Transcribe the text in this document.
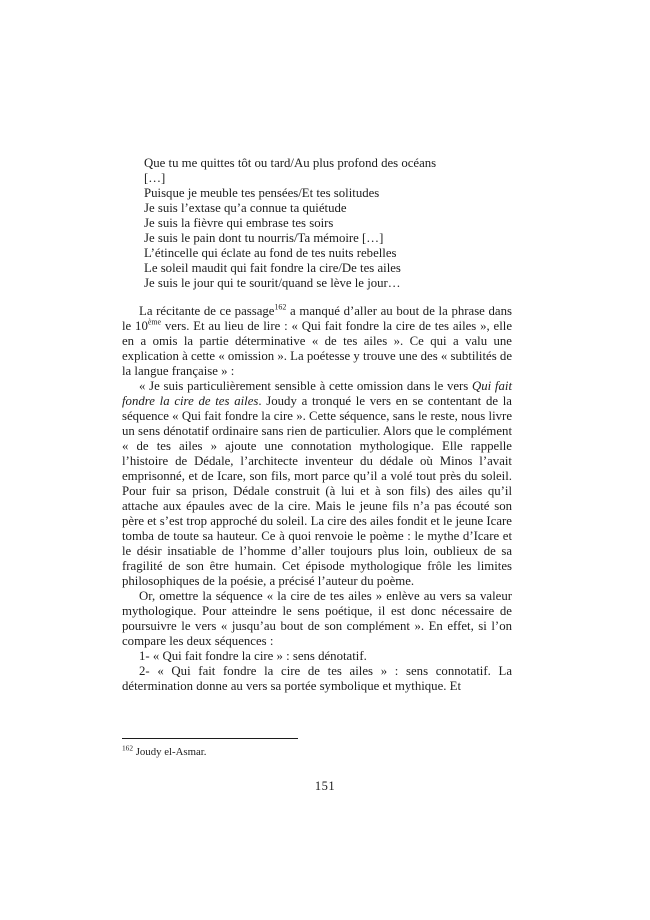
Que tu me quittes tôt ou tard/Au plus profond des océans
[…]
Puisque je meuble tes pensées/Et tes solitudes
Je suis l’extase qu’a connue ta quiétude
Je suis la fièvre qui embrase tes soirs
Je suis le pain dont tu nourris/Ta mémoire […]
L’étincelle qui éclate au fond de tes nuits rebelles
Le soleil maudit qui fait fondre la cire/De tes ailes
Je suis le jour qui te sourit/quand se lève le jour…

La récitante de ce passage$^{162}$ a manqué d’aller au bout de la phrase dans le 10ème vers. Et au lieu de lire : « Qui fait fondre la cire de tes ailes », elle en a omis la partie déterminative « de tes ailes ». Ce qui a valu une explication à cette « omission ». La poétesse y trouve une des « subtilités de la langue française » :

« Je suis particulièrement sensible à cette omission dans le vers Qui fait fondre la cire de tes ailes. Joudy a tronqué le vers en se contentant de la séquence « Qui fait fondre la cire ». Cette séquence, sans le reste, nous livre un sens dénotatif ordinaire sans rien de particulier. Alors que le complément « de tes ailes » ajoute une connotation mythologique. Elle rappelle l’histoire de Dédale, l’architecte inventeur du dédale où Minos l’avait emprisonné, et de Icare, son fils, mort parce qu’il a volé tout près du soleil. Pour fuir sa prison, Dédale construit (à lui et à son fils) des ailes qu’il attache aux épaules avec de la cire. Mais le jeune fils n’a pas écouté son père et s’est trop approché du soleil. La cire des ailes fondit et le jeune Icare tomba de toute sa hauteur. Ce à quoi renvoie le poème : le mythe d’Icare et le désir insatiable de l’homme d’aller toujours plus loin, oublieux de sa fragilité de son être humain. Cet épisode mythologique frôle les limites philosophiques de la poésie, a précisé l’auteur du poème.

Or, omettre la séquence « la cire de tes ailes » enlève au vers sa valeur mythologique. Pour atteindre le sens poétique, il est donc nécessaire de poursuivre le vers « jusqu’au bout de son complément ». En effet, si l’on compare les deux séquences :

1- « Qui fait fondre la cire » : sens dénotatif.

2- « Qui fait fondre la cire de tes ailes » : sens connotatif. La détermination donne au vers sa portée symbolique et mythique. Et

$^{162}$ Joudy el-Asmar.
151
